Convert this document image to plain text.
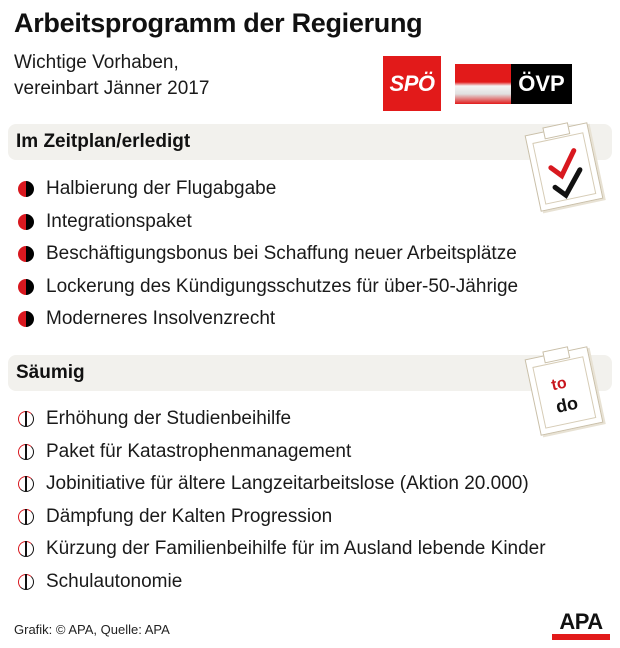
Arbeitsprogramm der Regierung
Wichtige Vorhaben,
vereinbart Jänner 2017	SPÖ	ÖVP
Im Zeitplan/erledigt
Halbierung der Flugabgabe
Integrationspaket
Beschäftigungsbonus bei Schaffung neuer Arbeitsplätze
Lockerung des Kündigungsschutzes für über-50-Jährige
Moderneres Insolvenzrecht
Säumig
to
do
Erhöhung der Studienbeihilfe
Paket für Katastrophenmanagement
Jobinitiative für ältere Langzeitarbeitslose (Aktion 20.000)
Dämpfung der Kalten Progression
Kürzung der Familienbeihilfe für im Ausland lebende Kinder
Schulautonomie
Grafik: © APA, Quelle: APA	APA
